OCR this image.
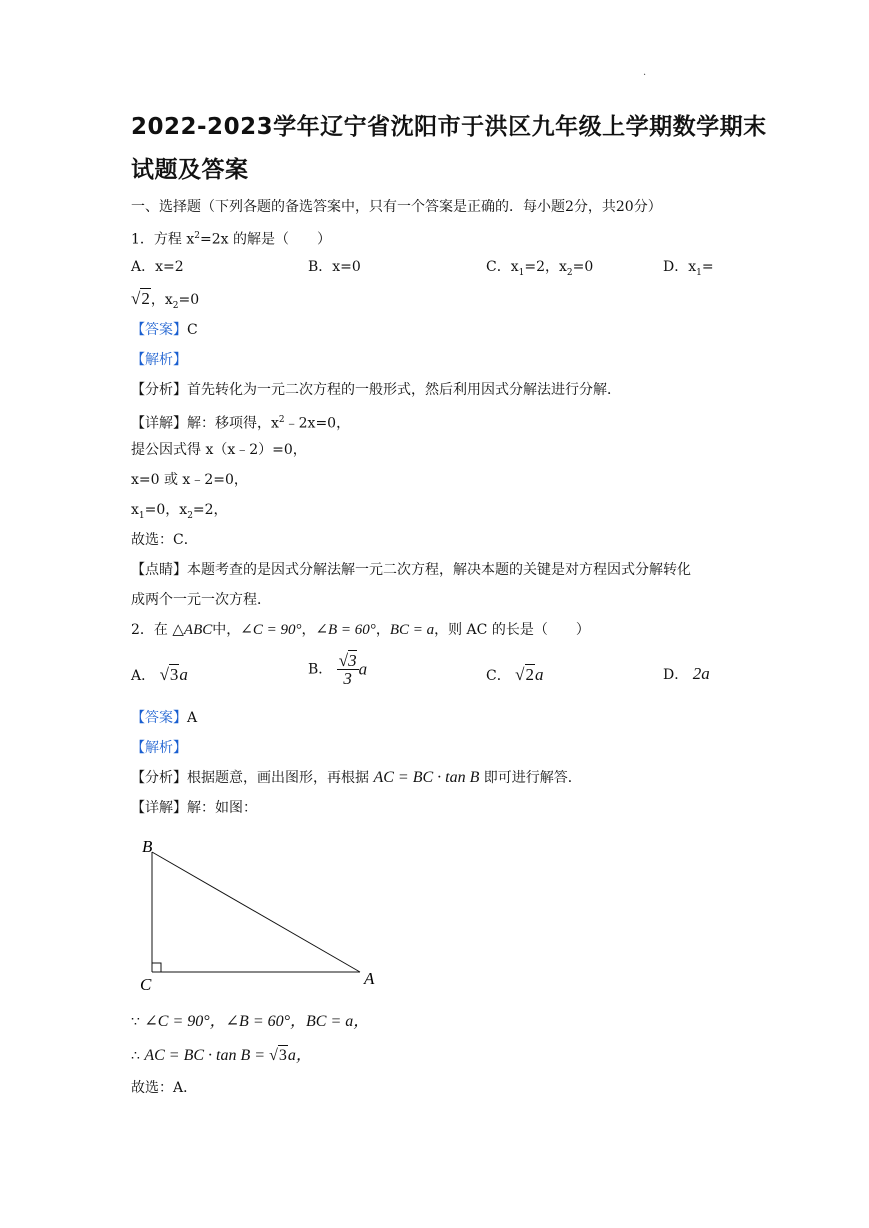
·
2022-2023学年辽宁省沈阳市于洪区九年级上学期数学期末
试题及答案
一、选择题（下列各题的备选答案中，只有一个答案是正确的．每小题2分，共20分）
1．方程 $x^2=2x$ 的解是（　　）
A．x=2	B．x=0	C．$x_1=2$，$x_2=0$	D．$x_1=$
√2，$x_2=0$
【答案】C
【解析】
【分析】首先转化为一元二次方程的一般形式，然后利用因式分解法进行分解．
【详解】解：移项得，$x^2﹣2x=0$，
提公因式得 x（x﹣2）=0，
x=0 或 x﹣2=0，
$x_1=0$，$x_2=2$，
故选：C．
【点睛】本题考查的是因式分解法解一元二次方程，解决本题的关键是对方程因式分解转化
成两个一元一次方程．
2．在 △ABC中，∠C = 90°，∠B = 60°，BC = a，则 AC 的长是（　　）
A． √3a	B． $\frac{√3}{3}$ a	C． √2a	D． 2a
【答案】A
【解析】
【分析】根据题意，画出图形，再根据 AC = BC · tan B 即可进行解答．
【详解】解：如图：
B
C	A
∵ ∠C = 90°，∠B = 60°，BC = a，
∴ AC = BC · tan B = √3a，
故选：A．
